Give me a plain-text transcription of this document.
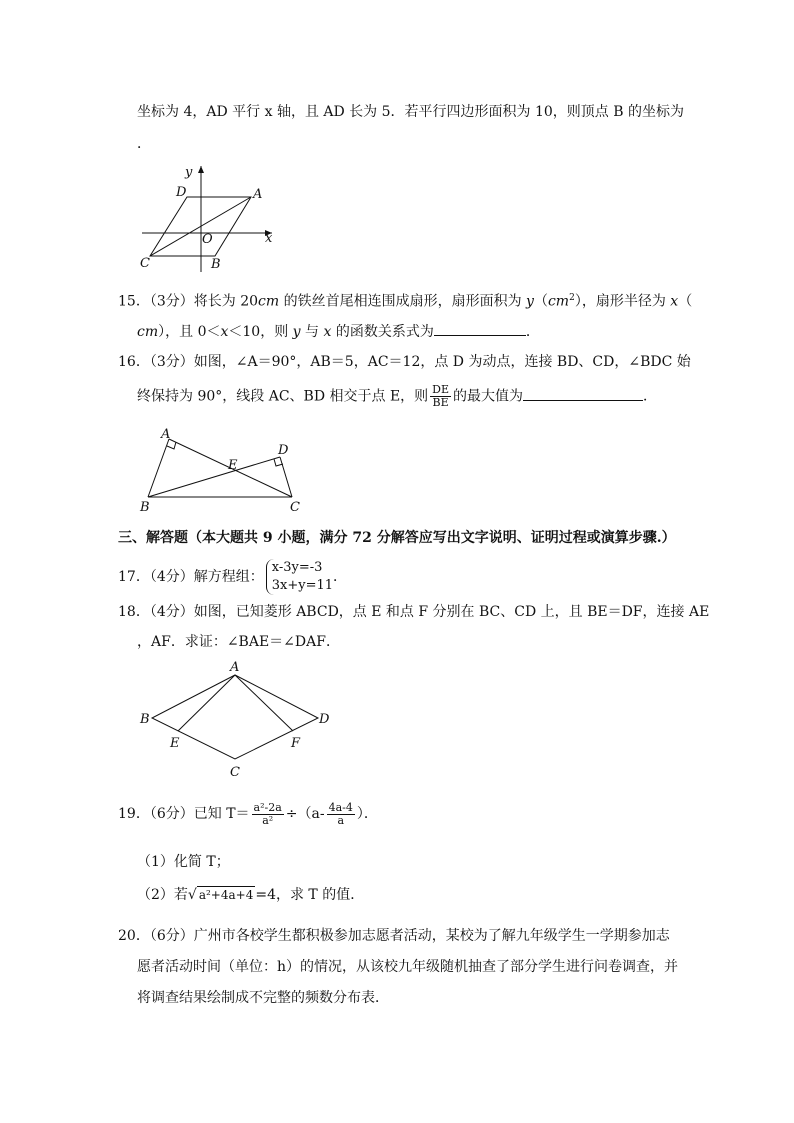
坐标为 4，AD 平行 x 轴，且 AD 长为 5．若平行四边形面积为 10，则顶点 B 的坐标为
．
y
D	A
O	x
C	B
15．（3分）将长为 20cm 的铁丝首尾相连围成扇形，扇形面积为 $y(cm^2)$，扇形半径为 x（
cm），且 0＜x＜10，则 y 与 x 的函数关系式为	．
16．（3分）如图，∠A＝90°，AB＝5，AC＝12，点 D 为动点，连接 BD、CD，∠BDC 始
终保持为 90°，线段 AC、BD 相交于点 E，则 $\frac{DE}{BE}$ 的最大值为	．
A
D
E
B	C
三、解答题（本大题共 9 小题，满分 72 分解答应写出文字说明、证明过程或演算步骤.）
17．（4分）解方程组：
x-3y=-3
3x+y=11
．
18．（4分）如图，已知菱形 ABCD，点 E 和点 F 分别在 BC、CD 上，且 BE＝DF，连接 AE
，AF．求证：∠BAE＝∠DAF．
A
B	D
E	F
C
19．（6分）已知 $T= \frac{\text{a²-2a}}{\text{a²}} \div(a- \frac{4a-4}{a}$ ）．
（1）化简 T；
（2）若√ a²+4a+4 =4，求 T 的值．
20．（6分）广州市各校学生都积极参加志愿者活动，某校为了解九年级学生一学期参加志
愿者活动时间（单位：h）的情况，从该校九年级随机抽查了部分学生进行问卷调查，并
将调查结果绘制成不完整的频数分布表．
